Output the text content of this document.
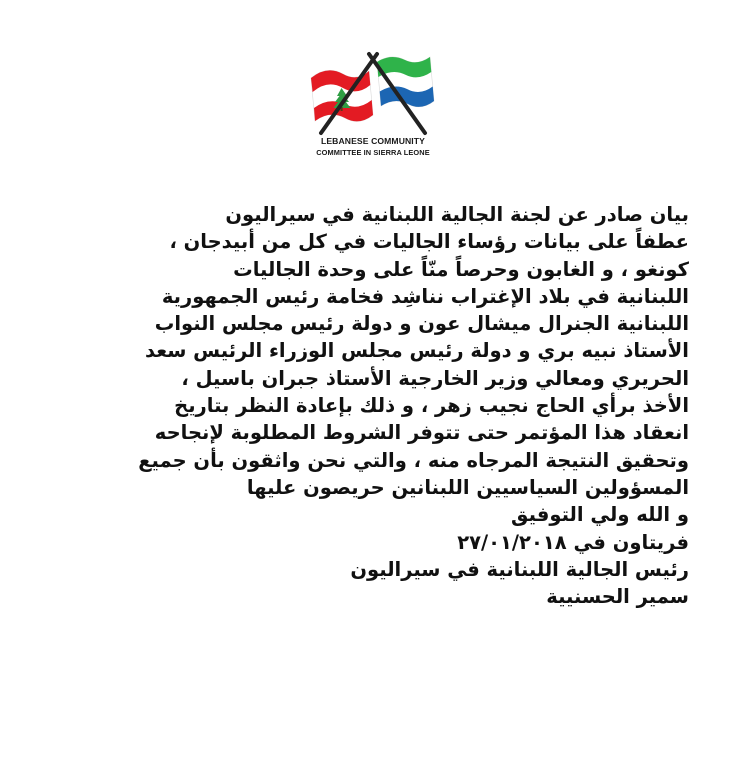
LEBANESE COMMUNITY
COMMITTEE IN SIERRA LEONE
بيان صادر عن لجنة الجالية اللبنانية في سيراليون
عطفاً على بيانات رؤساء الجاليات في كل من أبيدجان ،
كونغو ، و الغابون وحرصاً منّاً على وحدة الجاليات
اللبنانية في بلاد الإغتراب نناشِد فخامة رئيس الجمهورية
اللبنانية الجنرال ميشال عون و دولة رئيس مجلس النواب
الأستاذ نبيه بري و دولة رئيس مجلس الوزراء الرئيس سعد
الحريري ومعالي وزير الخارجية الأستاذ جبران باسيل ،
الأخذ برأي الحاج نجيب زهر ، و ذلك بإعادة النظر بتاريخ
انعقاد هذا المؤتمر حتى تتوفر الشروط المطلوبة لإنجاحه
وتحقيق النتيجة المرجاه منه ، والتي نحن واثقون بأن جميع
المسؤولين السياسيين اللبنانين حريصون عليها
و الله ولي التوفيق
فريتاون في ٢٧/٠١/٢٠١٨
رئيس الجالية اللبنانية في سيراليون
سمير الحسنيية
